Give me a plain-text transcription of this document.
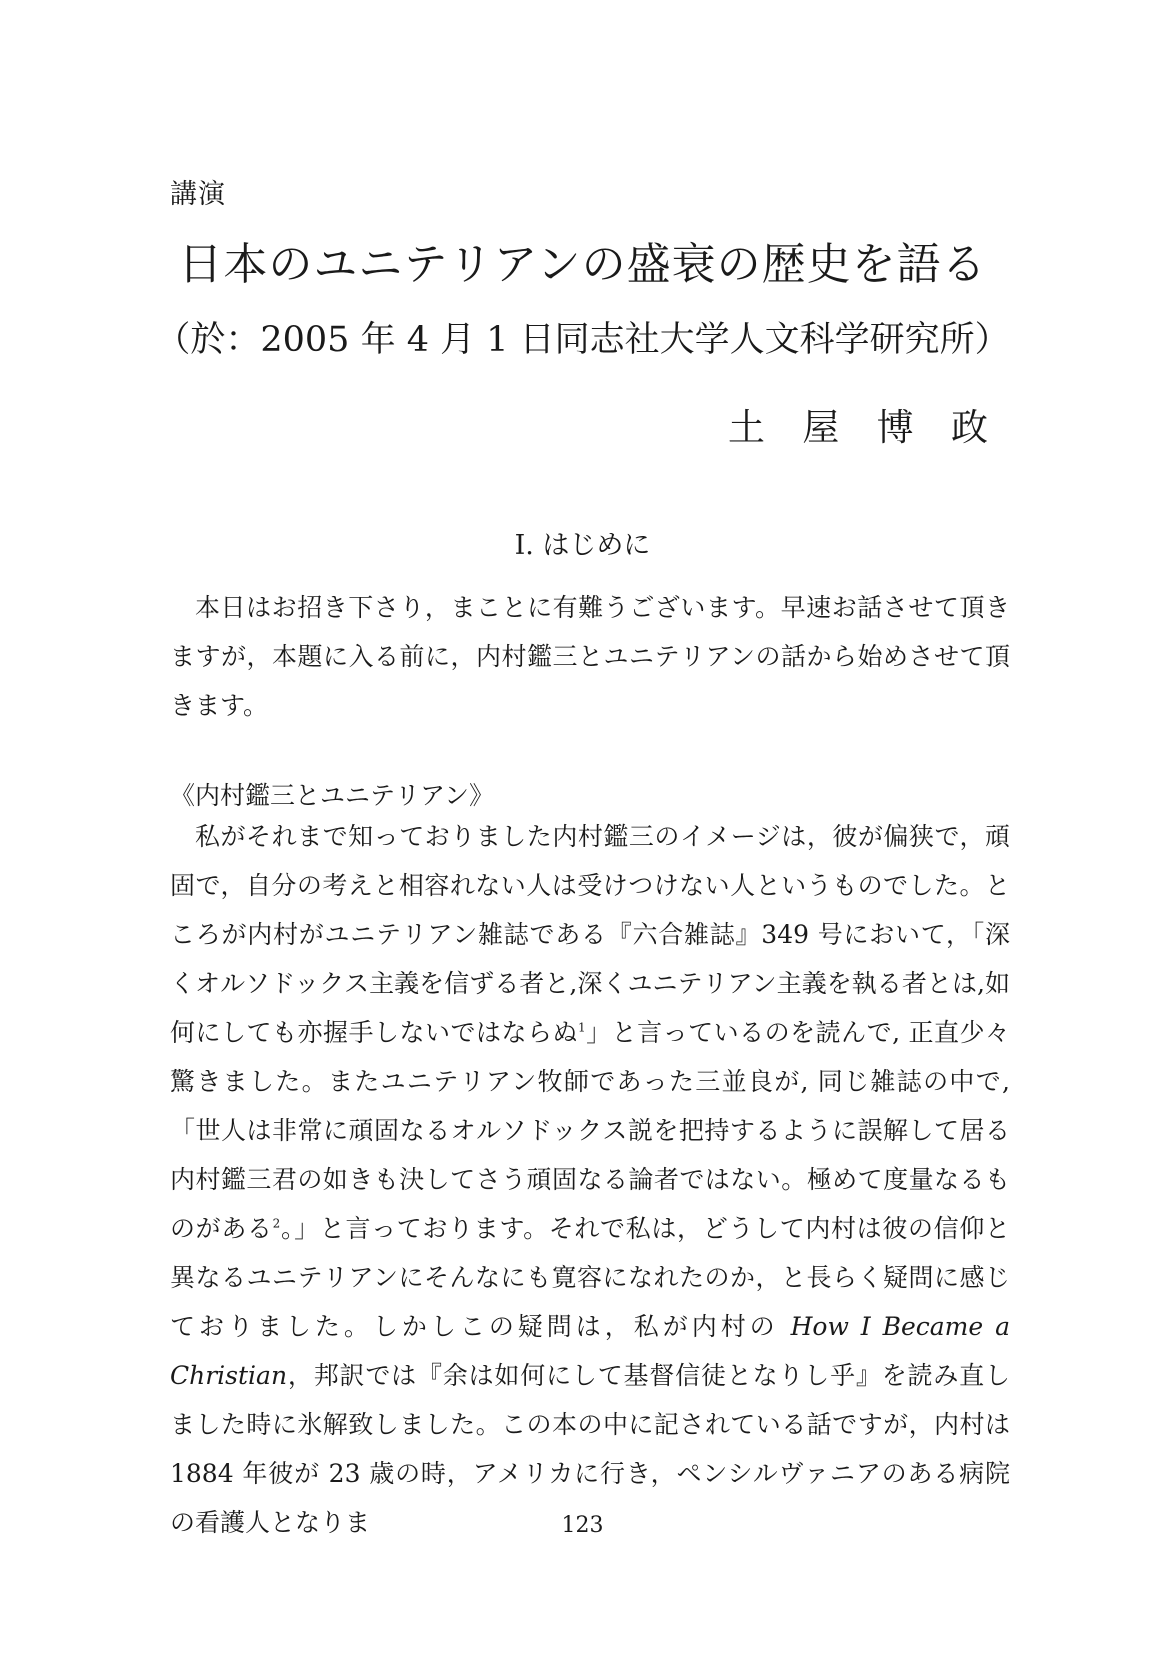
講演
日本のユニテリアンの盛衰の歴史を語る
（於：2005 年 4 月 1 日同志社大学人文科学研究所）
土 屋 博 政
I. はじめに

本日はお招き下さり，まことに有難うございます。早速お話させて頂きますが，本題に入る前に，内村鑑三とユニテリアンの話から始めさせて頂きます。

《内村鑑三とユニテリアン》

私がそれまで知っておりました内村鑑三のイメージは，彼が偏狭で，頑固で，自分の考えと相容れない人は受けつけない人というものでした。ところが内村がユニテリアン雑誌である『六合雑誌』349 号において，「深くオルソドックス主義を信ずる者と,深くユニテリアン主義を執る者とは,如何にしても亦握手しないではならぬ$^1$」と言っているのを読んで, 正直少々驚きました。またユニテリアン牧師であった三並良が, 同じ雑誌の中で,「世人は非常に頑固なるオルソドックス説を把持するように誤解して居る内村鑑三君の如きも決してさう頑固なる論者ではない。極めて度量なるものがある$^2$。」と言っております。それで私は，どうして内村は彼の信仰と異なるユニテリアンにそんなにも寛容になれたのか，と長らく疑問に感じておりました。しかしこの疑問は，私が内村の How I Became a Christian，邦訳では『余は如何にして基督信徒となりし乎』を読み直しました時に氷解致しました。この本の中に記されている話ですが，内村は 1884 年彼が 23 歳の時，アメリカに行き，ペンシルヴァニアのある病院の看護人となりま	123
